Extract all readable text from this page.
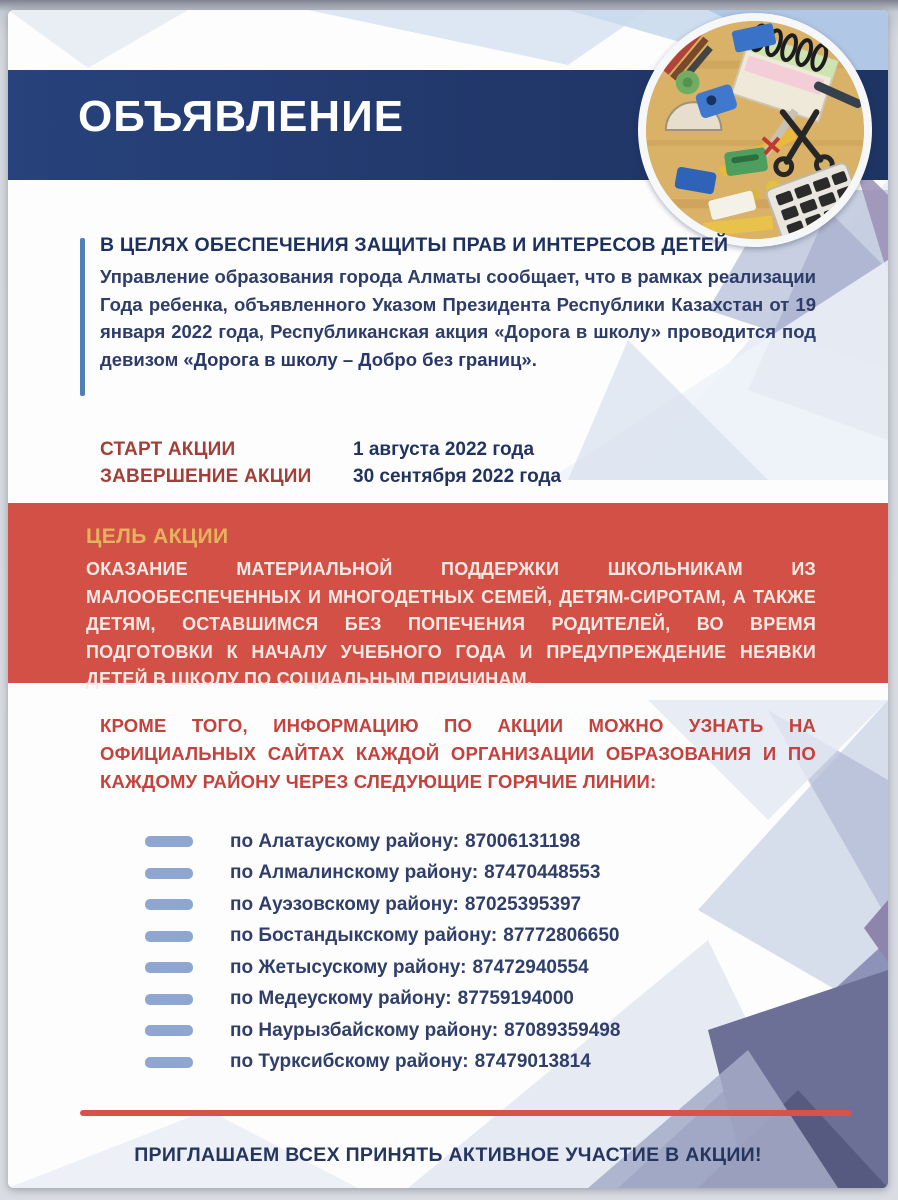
ОБЪЯВЛЕНИЕ

В ЦЕЛЯХ ОБЕСПЕЧЕНИЯ ЗАЩИТЫ ПРАВ И ИНТЕРЕСОВ ДЕТЕЙ

Управление образования города Алматы сообщает, что в рамках реализации Года ребенка, объявленного Указом Президента Республики Казахстан от 19 января 2022 года, Республиканская акция «Дорога в школу» проводится под девизом «Дорога в школу – Добро без границ».

СТАРТ АКЦИИ	1 августа 2022 года
ЗАВЕРШЕНИЕ АКЦИИ	30 сентября 2022 года

ЦЕЛЬ АКЦИИ

ОКАЗАНИЕ МАТЕРИАЛЬНОЙ ПОДДЕРЖКИ ШКОЛЬНИКАМ ИЗ МАЛООБЕСПЕЧЕННЫХ И МНОГОДЕТНЫХ СЕМЕЙ, ДЕТЯМ-СИРОТАМ, А ТАКЖЕ ДЕТЯМ, ОСТАВШИМСЯ БЕЗ ПОПЕЧЕНИЯ РОДИТЕЛЕЙ, ВО ВРЕМЯ ПОДГОТОВКИ К НАЧАЛУ УЧЕБНОГО ГОДА И ПРЕДУПРЕЖДЕНИЕ НЕЯВКИ ДЕТЕЙ В ШКОЛУ ПО СОЦИАЛЬНЫМ ПРИЧИНАМ.

КРОМЕ ТОГО, ИНФОРМАЦИЮ ПО АКЦИИ МОЖНО УЗНАТЬ НА ОФИЦИАЛЬНЫХ САЙТАХ КАЖДОЙ ОРГАНИЗАЦИИ ОБРАЗОВАНИЯ И ПО КАЖДОМУ РАЙОНУ ЧЕРЕЗ СЛЕДУЮЩИЕ ГОРЯЧИЕ ЛИНИИ:
по Алатаускому району: 87006131198
по Алмалинскому району: 87470448553
по Ауэзовскому району: 87025395397
по Бостандыкскому району: 87772806650
по Жетысускому району: 87472940554
по Медеускому району: 87759194000
по Наурызбайскому району: 87089359498
по Турксибскому району: 87479013814
ПРИГЛАШАЕМ ВСЕХ ПРИНЯТЬ АКТИВНОЕ УЧАСТИЕ В АКЦИИ!
